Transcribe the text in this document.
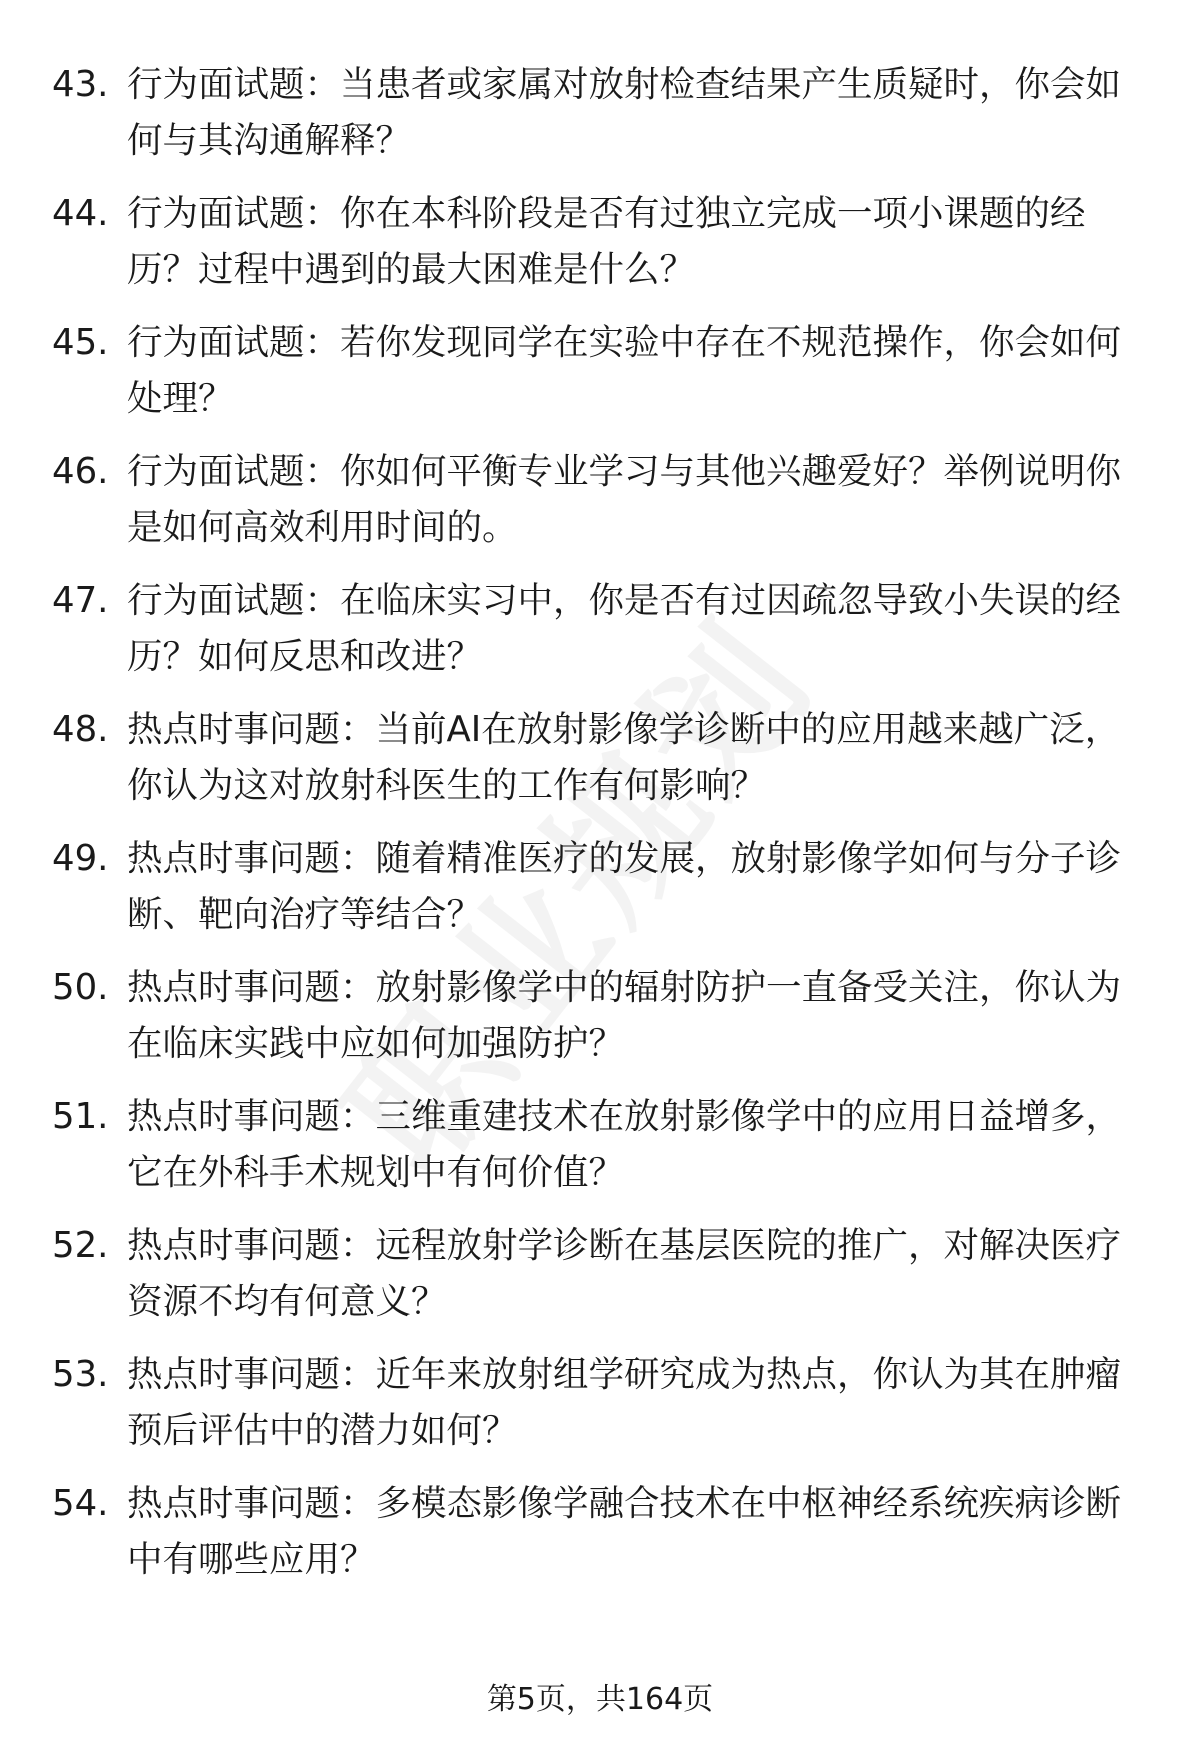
43. 行为面试题：当患者或家属对放射检查结果产生质疑时，你会如何与其沟通解释？
44. 行为面试题：你在本科阶段是否有过独立完成一项小课题的经历？过程中遇到的最大困难是什么？
45. 行为面试题：若你发现同学在实验中存在不规范操作，你会如何处理？
46. 行为面试题：你如何平衡专业学习与其他兴趣爱好？举例说明你是如何高效利用时间的。
47. 行为面试题：在临床实习中，你是否有过因疏忽导致小失误的经历？如何反思和改进？
48. 热点时事问题：当前AI在放射影像学诊断中的应用越来越广泛，你认为这对放射科医生的工作有何影响？
49. 热点时事问题：随着精准医疗的发展，放射影像学如何与分子诊断、靶向治疗等结合？
50. 热点时事问题：放射影像学中的辐射防护一直备受关注，你认为在临床实践中应如何加强防护？
51. 热点时事问题：三维重建技术在放射影像学中的应用日益增多，它在外科手术规划中有何价值？
52. 热点时事问题：远程放射学诊断在基层医院的推广，对解决医疗资源不均有何意义？
53. 热点时事问题：近年来放射组学研究成为热点，你认为其在肿瘤预后评估中的潜力如何？
54. 热点时事问题：多模态影像学融合技术在中枢神经系统疾病诊断中有哪些应用？
第5页，共164页
